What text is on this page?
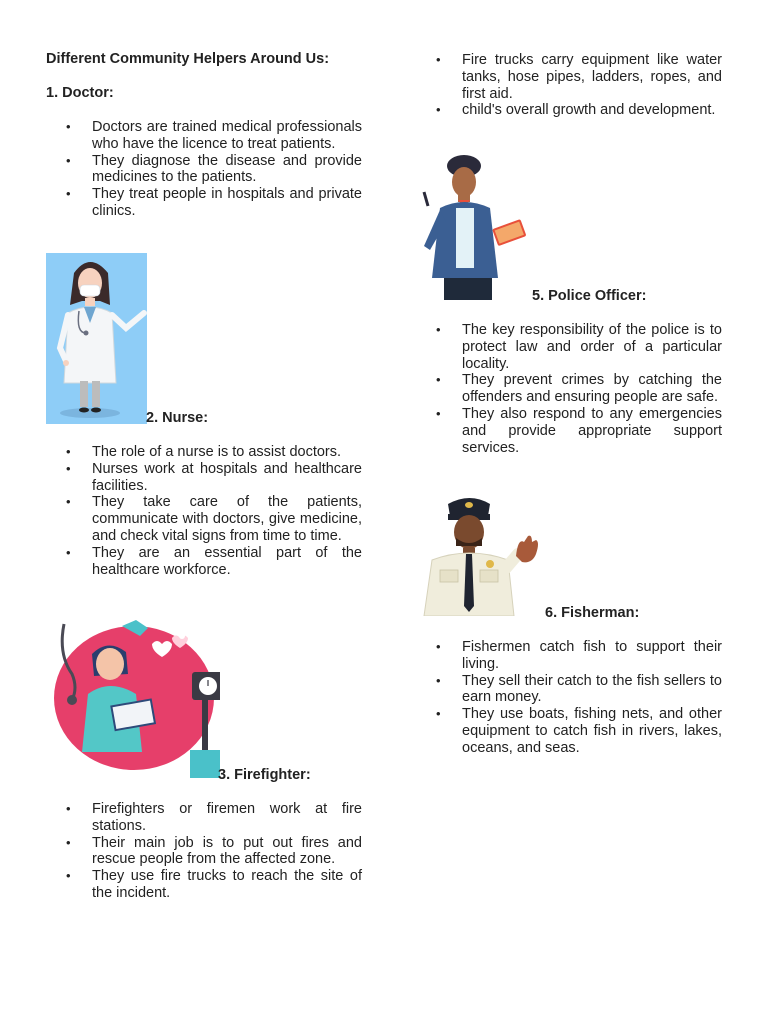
Different Community Helpers Around Us:
1. Doctor:
• Doctors are trained medical professionals who have the licence to treat patients.
• They diagnose the disease and provide medicines to the patients.
• They treat people in hospitals and private clinics.
2. Nurse:
• The role of a nurse is to assist doctors.
• Nurses work at hospitals and healthcare facilities.
• They take care of the patients, communicate with doctors, give medicine, and check vital signs from time to time.
• They are an essential part of the healthcare workforce.
3. Firefighter:
• Firefighters or firemen work at fire stations.
• Their main job is to put out fires and rescue people from the affected zone.
• They use fire trucks to reach the site of the incident.
• Fire trucks carry equipment like water tanks, hose pipes, ladders, ropes, and first aid.
• child's overall growth and development.
5. Police Officer:
• The key responsibility of the police is to protect law and order of a particular locality.
• They prevent crimes by catching the offenders and ensuring people are safe.
• They also respond to any emergencies and provide appropriate support services.
6. Fisherman:
• Fishermen catch fish to support their living.
• They sell their catch to the fish sellers to earn money.
• They use boats, fishing nets, and other equipment to catch fish in rivers, lakes, oceans, and seas.
